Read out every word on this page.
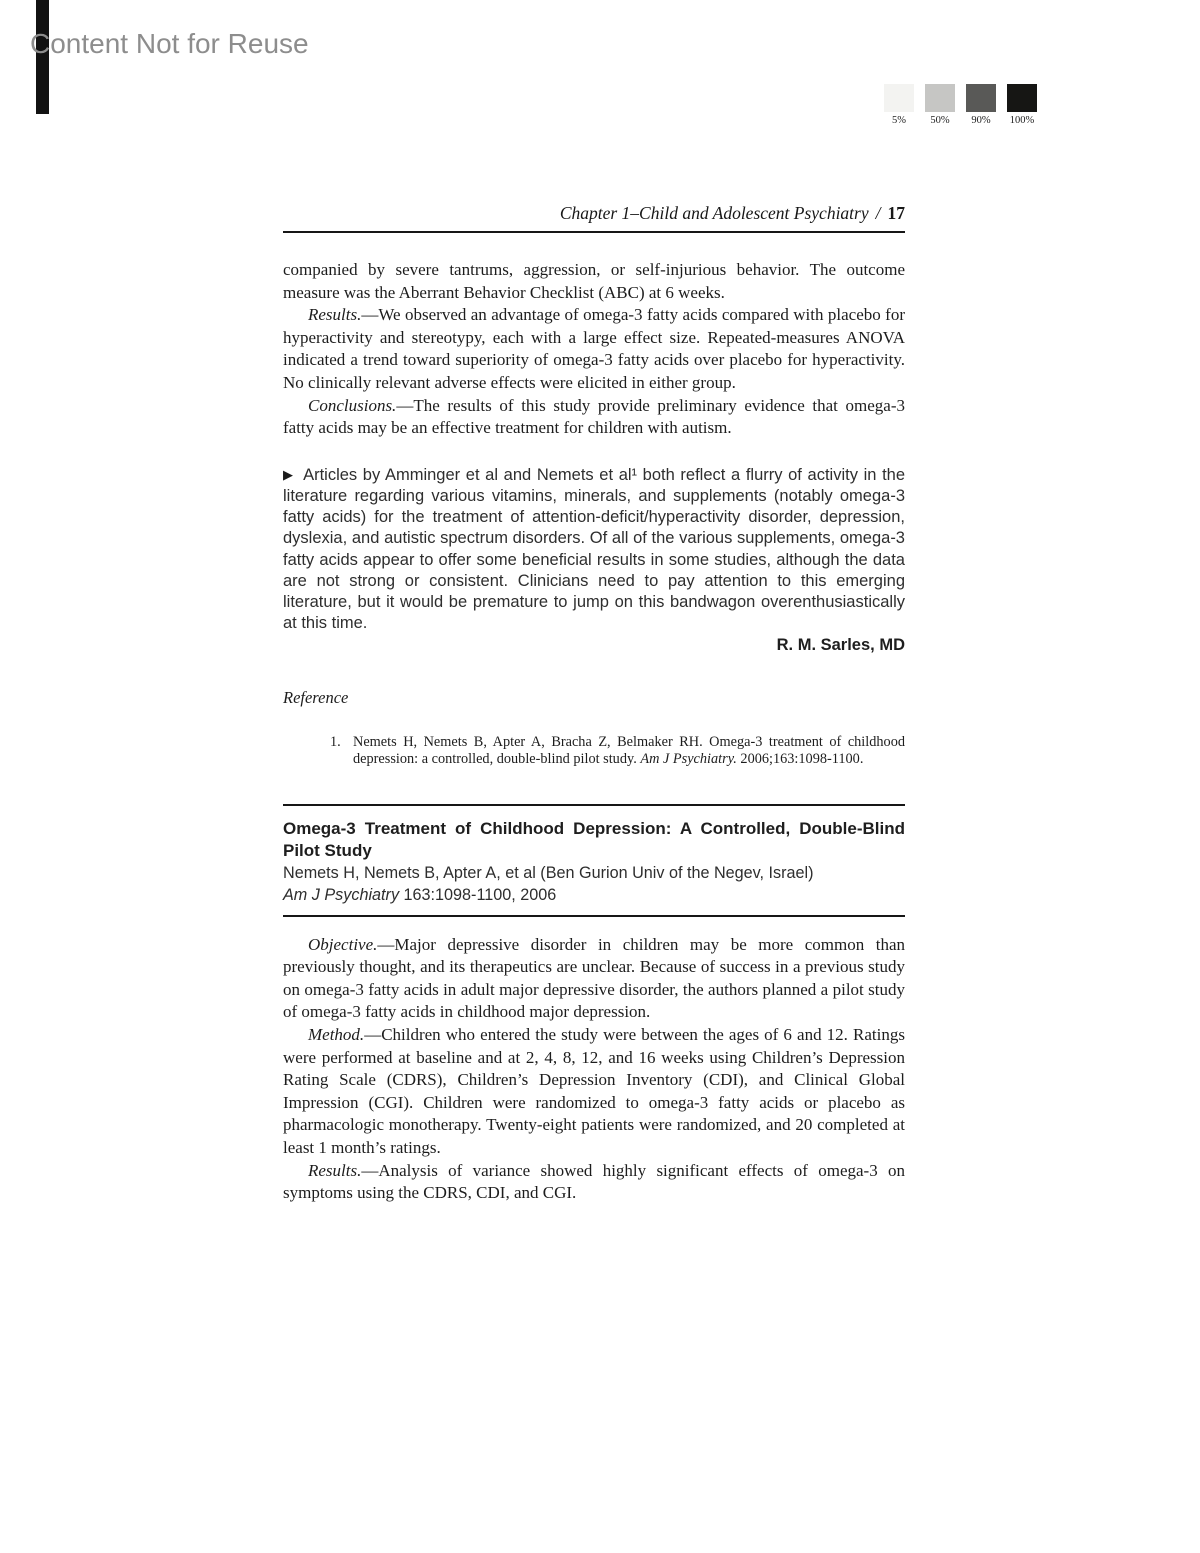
Content Not for Reuse
5%	50%	90%	100%
Chapter 1–Child and Adolescent Psychiatry / 17

companied by severe tantrums, aggression, or self-injurious behavior. The outcome measure was the Aberrant Behavior Checklist (ABC) at 6 weeks.

Results.—We observed an advantage of omega-3 fatty acids compared with placebo for hyperactivity and stereotypy, each with a large effect size. Repeated-measures ANOVA indicated a trend toward superiority of omega-3 fatty acids over placebo for hyperactivity. No clinically relevant adverse effects were elicited in either group.

Conclusions.—The results of this study provide preliminary evidence that omega-3 fatty acids may be an effective treatment for children with autism.

▶ Articles by Amminger et al and Nemets et al¹ both reflect a flurry of activity in the literature regarding various vitamins, minerals, and supplements (notably omega-3 fatty acids) for the treatment of attention-deficit/hyperactivity disorder, depression, dyslexia, and autistic spectrum disorders. Of all of the various supplements, omega-3 fatty acids appear to offer some beneficial results in some studies, although the data are not strong or consistent. Clinicians need to pay attention to this emerging literature, but it would be premature to jump on this bandwagon overenthusiastically at this time.

R. M. Sarles, MD
Reference
1. Nemets H, Nemets B, Apter A, Bracha Z, Belmaker RH. Omega-3 treatment of childhood depression: a controlled, double-blind pilot study. Am J Psychiatry. 2006;163:1098-1100.

Omega-3 Treatment of Childhood Depression: A Controlled, Double-Blind Pilot Study

Nemets H, Nemets B, Apter A, et al (Ben Gurion Univ of the Negev, Israel)

Am J Psychiatry 163:1098-1100, 2006

Objective.—Major depressive disorder in children may be more common than previously thought, and its therapeutics are unclear. Because of success in a previous study on omega-3 fatty acids in adult major depressive disorder, the authors planned a pilot study of omega-3 fatty acids in childhood major depression.

Method.—Children who entered the study were between the ages of 6 and 12. Ratings were performed at baseline and at 2, 4, 8, 12, and 16 weeks using Children’s Depression Rating Scale (CDRS), Children’s Depression Inventory (CDI), and Clinical Global Impression (CGI). Children were randomized to omega-3 fatty acids or placebo as pharmacologic monotherapy. Twenty-eight patients were randomized, and 20 completed at least 1 month’s ratings.

Results.—Analysis of variance showed highly significant effects of omega-3 on symptoms using the CDRS, CDI, and CGI.
